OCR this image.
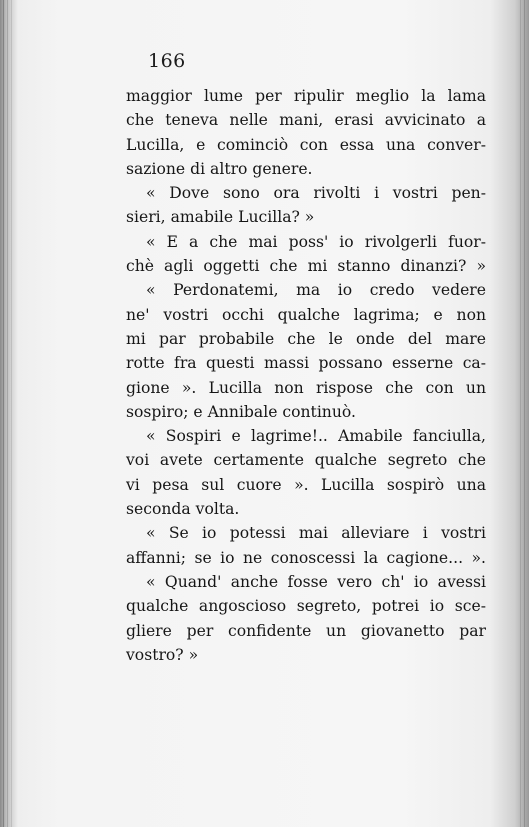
166
maggior lume per ripulir meglio la lama
che teneva nelle mani, erasi avvicinato a
Lucilla, e cominciò con essa una conver-
sazione di altro genere.
« Dove sono ora rivolti i vostri pen-
sieri, amabile Lucilla? »
« E a che mai poss' io rivolgerli fuor-
chè agli oggetti che mi stanno dinanzi? »
« Perdonatemi, ma io credo vedere
ne' vostri occhi qualche lagrima; e non
mi par probabile che le onde del mare
rotte fra questi massi possano esserne ca-
gione ». Lucilla non rispose che con un
sospiro; e Annibale continuò.
« Sospiri e lagrime!.. Amabile fanciulla,
voi avete certamente qualche segreto che
vi pesa sul cuore ». Lucilla sospirò una
seconda volta.
« Se io potessi mai alleviare i vostri
affanni; se io ne conoscessi la cagione... ».
« Quand' anche fosse vero ch' io avessi
qualche angoscioso segreto, potrei io sce-
gliere per confidente un giovanetto par
vostro? »
